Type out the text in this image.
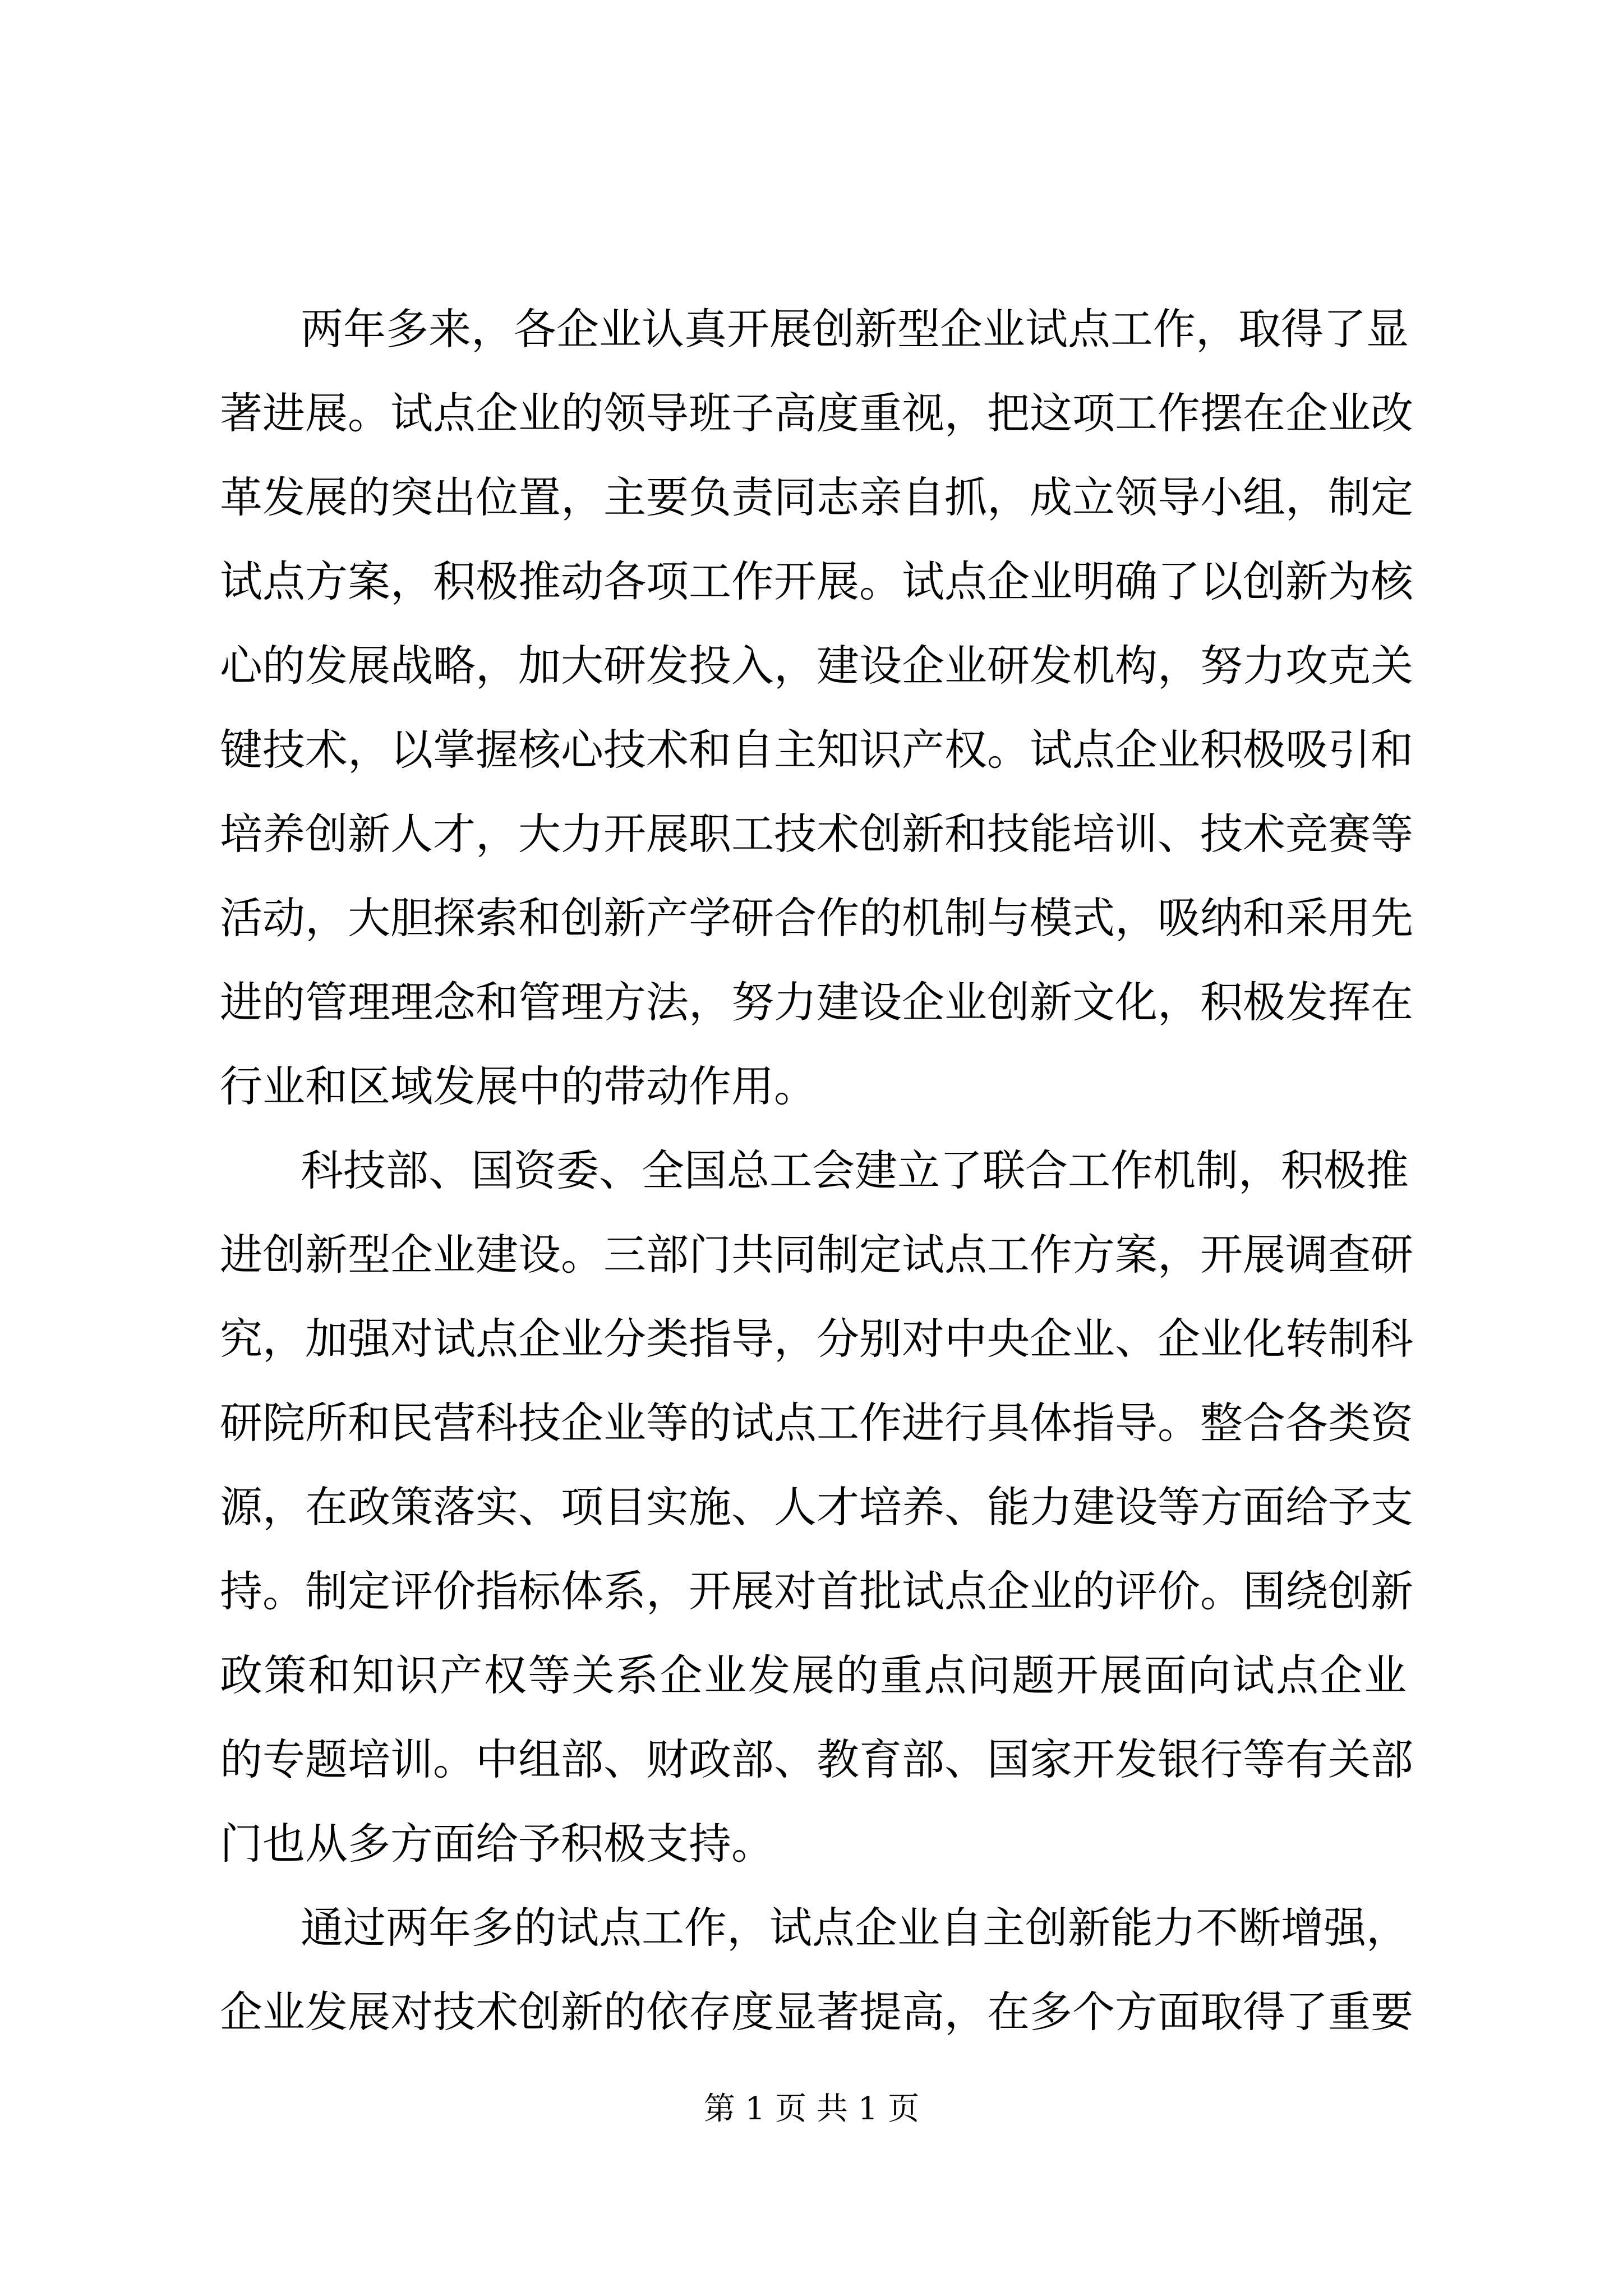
两年多来，各企业认真开展创新型企业试点工作，取得了显

著进展。试点企业的领导班子高度重视，把这项工作摆在企业改

革发展的突出位置，主要负责同志亲自抓，成立领导小组，制定

试点方案，积极推动各项工作开展。试点企业明确了以创新为核

心的发展战略，加大研发投入，建设企业研发机构，努力攻克关

键技术，以掌握核心技术和自主知识产权。试点企业积极吸引和

培养创新人才，大力开展职工技术创新和技能培训、技术竞赛等

活动，大胆探索和创新产学研合作的机制与模式，吸纳和采用先

进的管理理念和管理方法，努力建设企业创新文化，积极发挥在

行业和区域发展中的带动作用。

科技部、国资委、全国总工会建立了联合工作机制，积极推

进创新型企业建设。三部门共同制定试点工作方案，开展调查研

究，加强对试点企业分类指导，分别对中央企业、企业化转制科

研院所和民营科技企业等的试点工作进行具体指导。整合各类资

源，在政策落实、项目实施、人才培养、能力建设等方面给予支

持。制定评价指标体系，开展对首批试点企业的评价。围绕创新

政策和知识产权等关系企业发展的重点问题开展面向试点企业

的专题培训。中组部、财政部、教育部、国家开发银行等有关部

门也从多方面给予积极支持。

通过两年多的试点工作，试点企业自主创新能力不断增强，

企业发展对技术创新的依存度显著提高，在多个方面取得了重要

第 1 页 共 1 页
